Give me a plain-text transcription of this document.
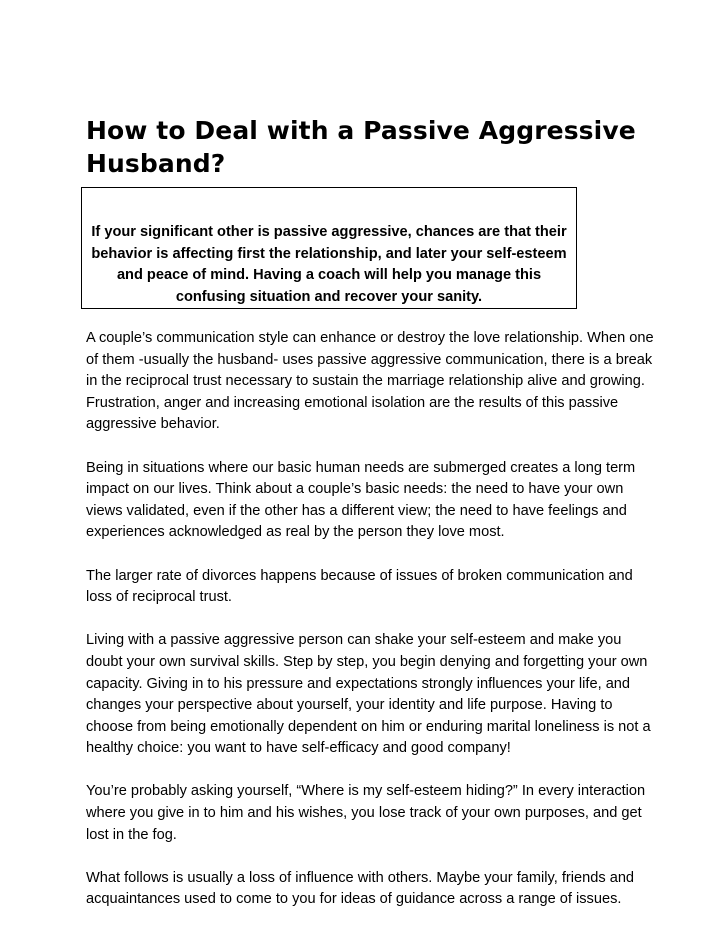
How to Deal with a Passive Aggressive Husband?

If your significant other is passive aggressive, chances are that their behavior is affecting first the relationship, and later your self-esteem and peace of mind. Having a coach will help you manage this confusing situation and recover your sanity.

A couple’s communication style can enhance or destroy the love relationship. When one of them -usually the husband- uses passive aggressive communication, there is a break in the reciprocal trust necessary to sustain the marriage relationship alive and growing. Frustration, anger and increasing emotional isolation are the results of this passive aggressive behavior.

Being in situations where our basic human needs are submerged creates a long term impact on our lives. Think about a couple’s basic needs: the need to have your own views validated, even if the other has a different view; the need to have feelings and experiences acknowledged as real by the person they love most.

The larger rate of divorces happens because of issues of broken communication and loss of reciprocal trust.

Living with a passive aggressive person can shake your self-esteem and make you doubt your own survival skills. Step by step, you begin denying and forgetting your own capacity. Giving in to his pressure and expectations strongly influences your life, and changes your perspective about yourself, your identity and life purpose. Having to choose from being emotionally dependent on him or enduring marital loneliness is not a healthy choice: you want to have self-efficacy and good company!

You’re probably asking yourself, “Where is my self-esteem hiding?” In every interaction where you give in to him and his wishes, you lose track of your own purposes, and get lost in the fog.

What follows is usually a loss of influence with others. Maybe your family, friends and acquaintances used to come to you for ideas of guidance across a range of issues.
